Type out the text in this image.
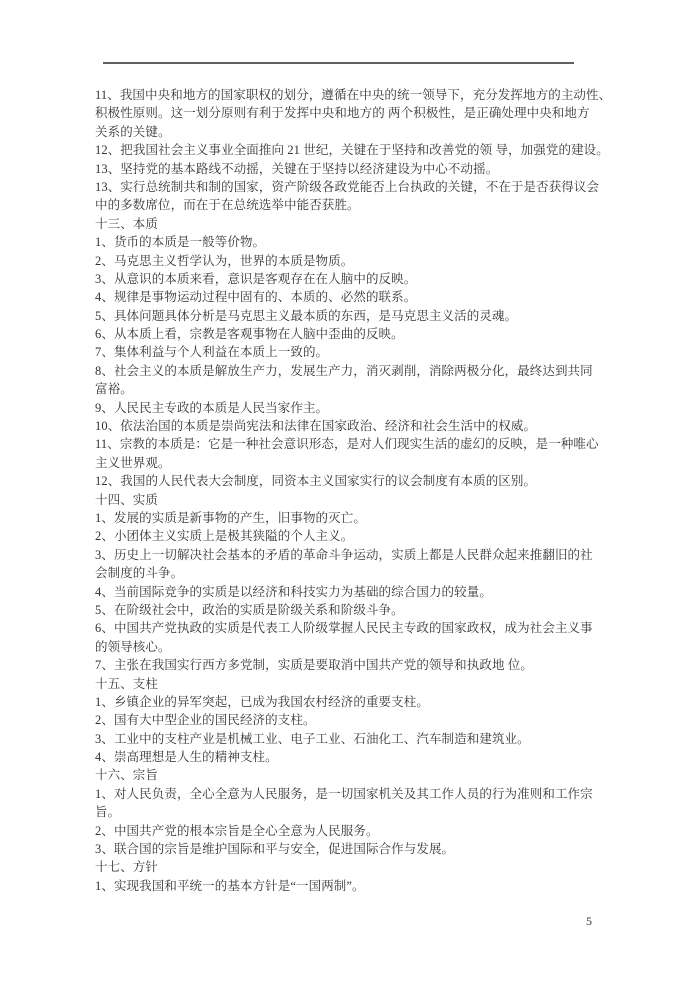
11、我国中央和地方的国家职权的划分，遵循在中央的统一领导下，充分发挥地方的主动性、
积极性原则。这一划分原则有利于发挥中央和地方的 两个积极性，是正确处理中央和地方
关系的关键。
12、把我国社会主义事业全面推向 21 世纪，关键在于坚持和改善党的领 导，加强党的建设。
13、坚持党的基本路线不动摇，关键在于坚持以经济建设为中心不动摇。
13、实行总统制共和制的国家，资产阶级各政党能否上台执政的关键，不在于是否获得议会
中的多数席位，而在于在总统选举中能否获胜。
十三、本质
1、货币的本质是一般等价物。
2、马克思主义哲学认为，世界的本质是物质。
3、从意识的本质来看，意识是客观存在在人脑中的反映。
4、规律是事物运动过程中固有的、本质的、必然的联系。
5、具体问题具体分析是马克思主义最本质的东西，是马克思主义活的灵魂。
6、从本质上看，宗教是客观事物在人脑中歪曲的反映。
7、集体利益与个人利益在本质上一致的。
8、社会主义的本质是解放生产力，发展生产力，消灭剥削，消除两极分化，最终达到共同
富裕。
9、人民民主专政的本质是人民当家作主。
10、依法治国的本质是崇尚宪法和法律在国家政治、经济和社会生活中的权威。
11、宗教的本质是：它是一种社会意识形态，是对人们现实生活的虚幻的反映，是一种唯心
主义世界观。
12、我国的人民代表大会制度，同资本主义国家实行的议会制度有本质的区别。
十四、实质
1、发展的实质是新事物的产生，旧事物的灭亡。
2、小团体主义实质上是极其狭隘的个人主义。
3、历史上一切解决社会基本的矛盾的革命斗争运动，实质上都是人民群众起来推翻旧的社
会制度的斗争。
4、当前国际竞争的实质是以经济和科技实力为基础的综合国力的较量。
5、在阶级社会中，政治的实质是阶级关系和阶级斗争。
6、中国共产党执政的实质是代表工人阶级掌握人民民主专政的国家政权，成为社会主义事
的领导核心。
7、主张在我国实行西方多党制，实质是要取消中国共产党的领导和执政地 位。
十五、支柱
1、乡镇企业的异军突起，已成为我国农村经济的重要支柱。
2、国有大中型企业的国民经济的支柱。
3、工业中的支柱产业是机械工业、电子工业、石油化工、汽车制造和建筑业。
4、崇高理想是人生的精神支柱。
十六、宗旨
1、对人民负责，全心全意为人民服务，是一切国家机关及其工作人员的行为准则和工作宗
旨。
2、中国共产党的根本宗旨是全心全意为人民服务。
3、联合国的宗旨是维护国际和平与安全，促进国际合作与发展。
十七、方针
1、实现我国和平统一的基本方针是“一国两制”。
5
